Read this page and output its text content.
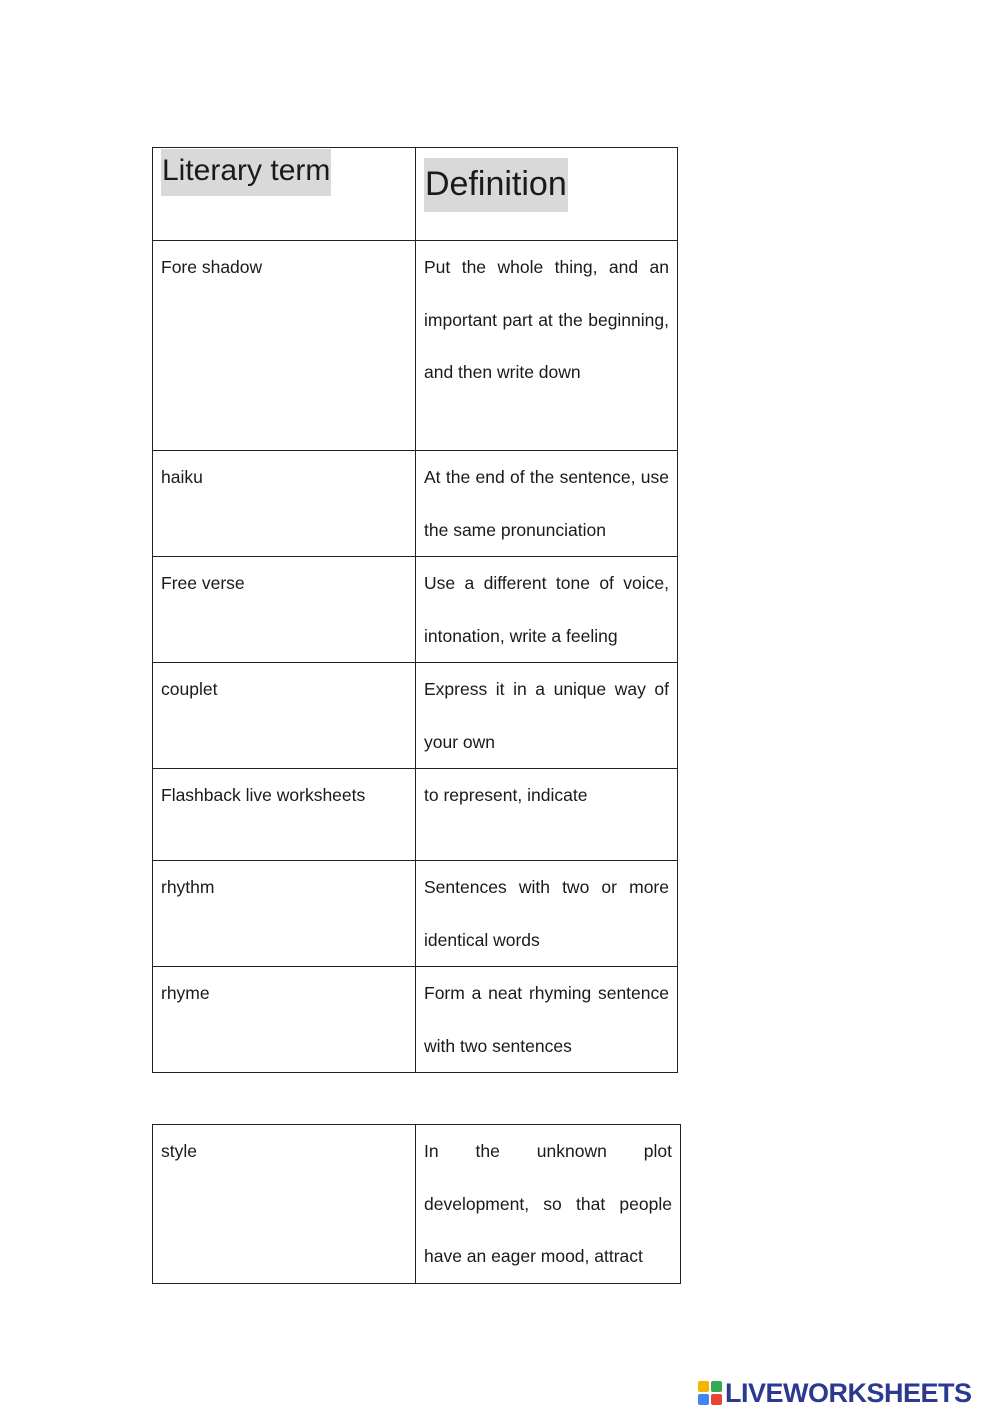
Literary term	Definition
Fore shadow	Put the whole thing, and an important part at the beginning, and then write down
haiku	At the end of the sentence, use the same pronunciation
Free verse	Use a different tone of voice, intonation, write a feeling
couplet	Express it in a unique way of your own
Flashback live worksheets	to represent, indicate
rhythm	Sentences with two or more identical words
rhyme	Form a neat rhyming sentence with two sentences
style	In the unknown plot development, so that people have an eager mood, attract
LIVEWORKSHEETS
